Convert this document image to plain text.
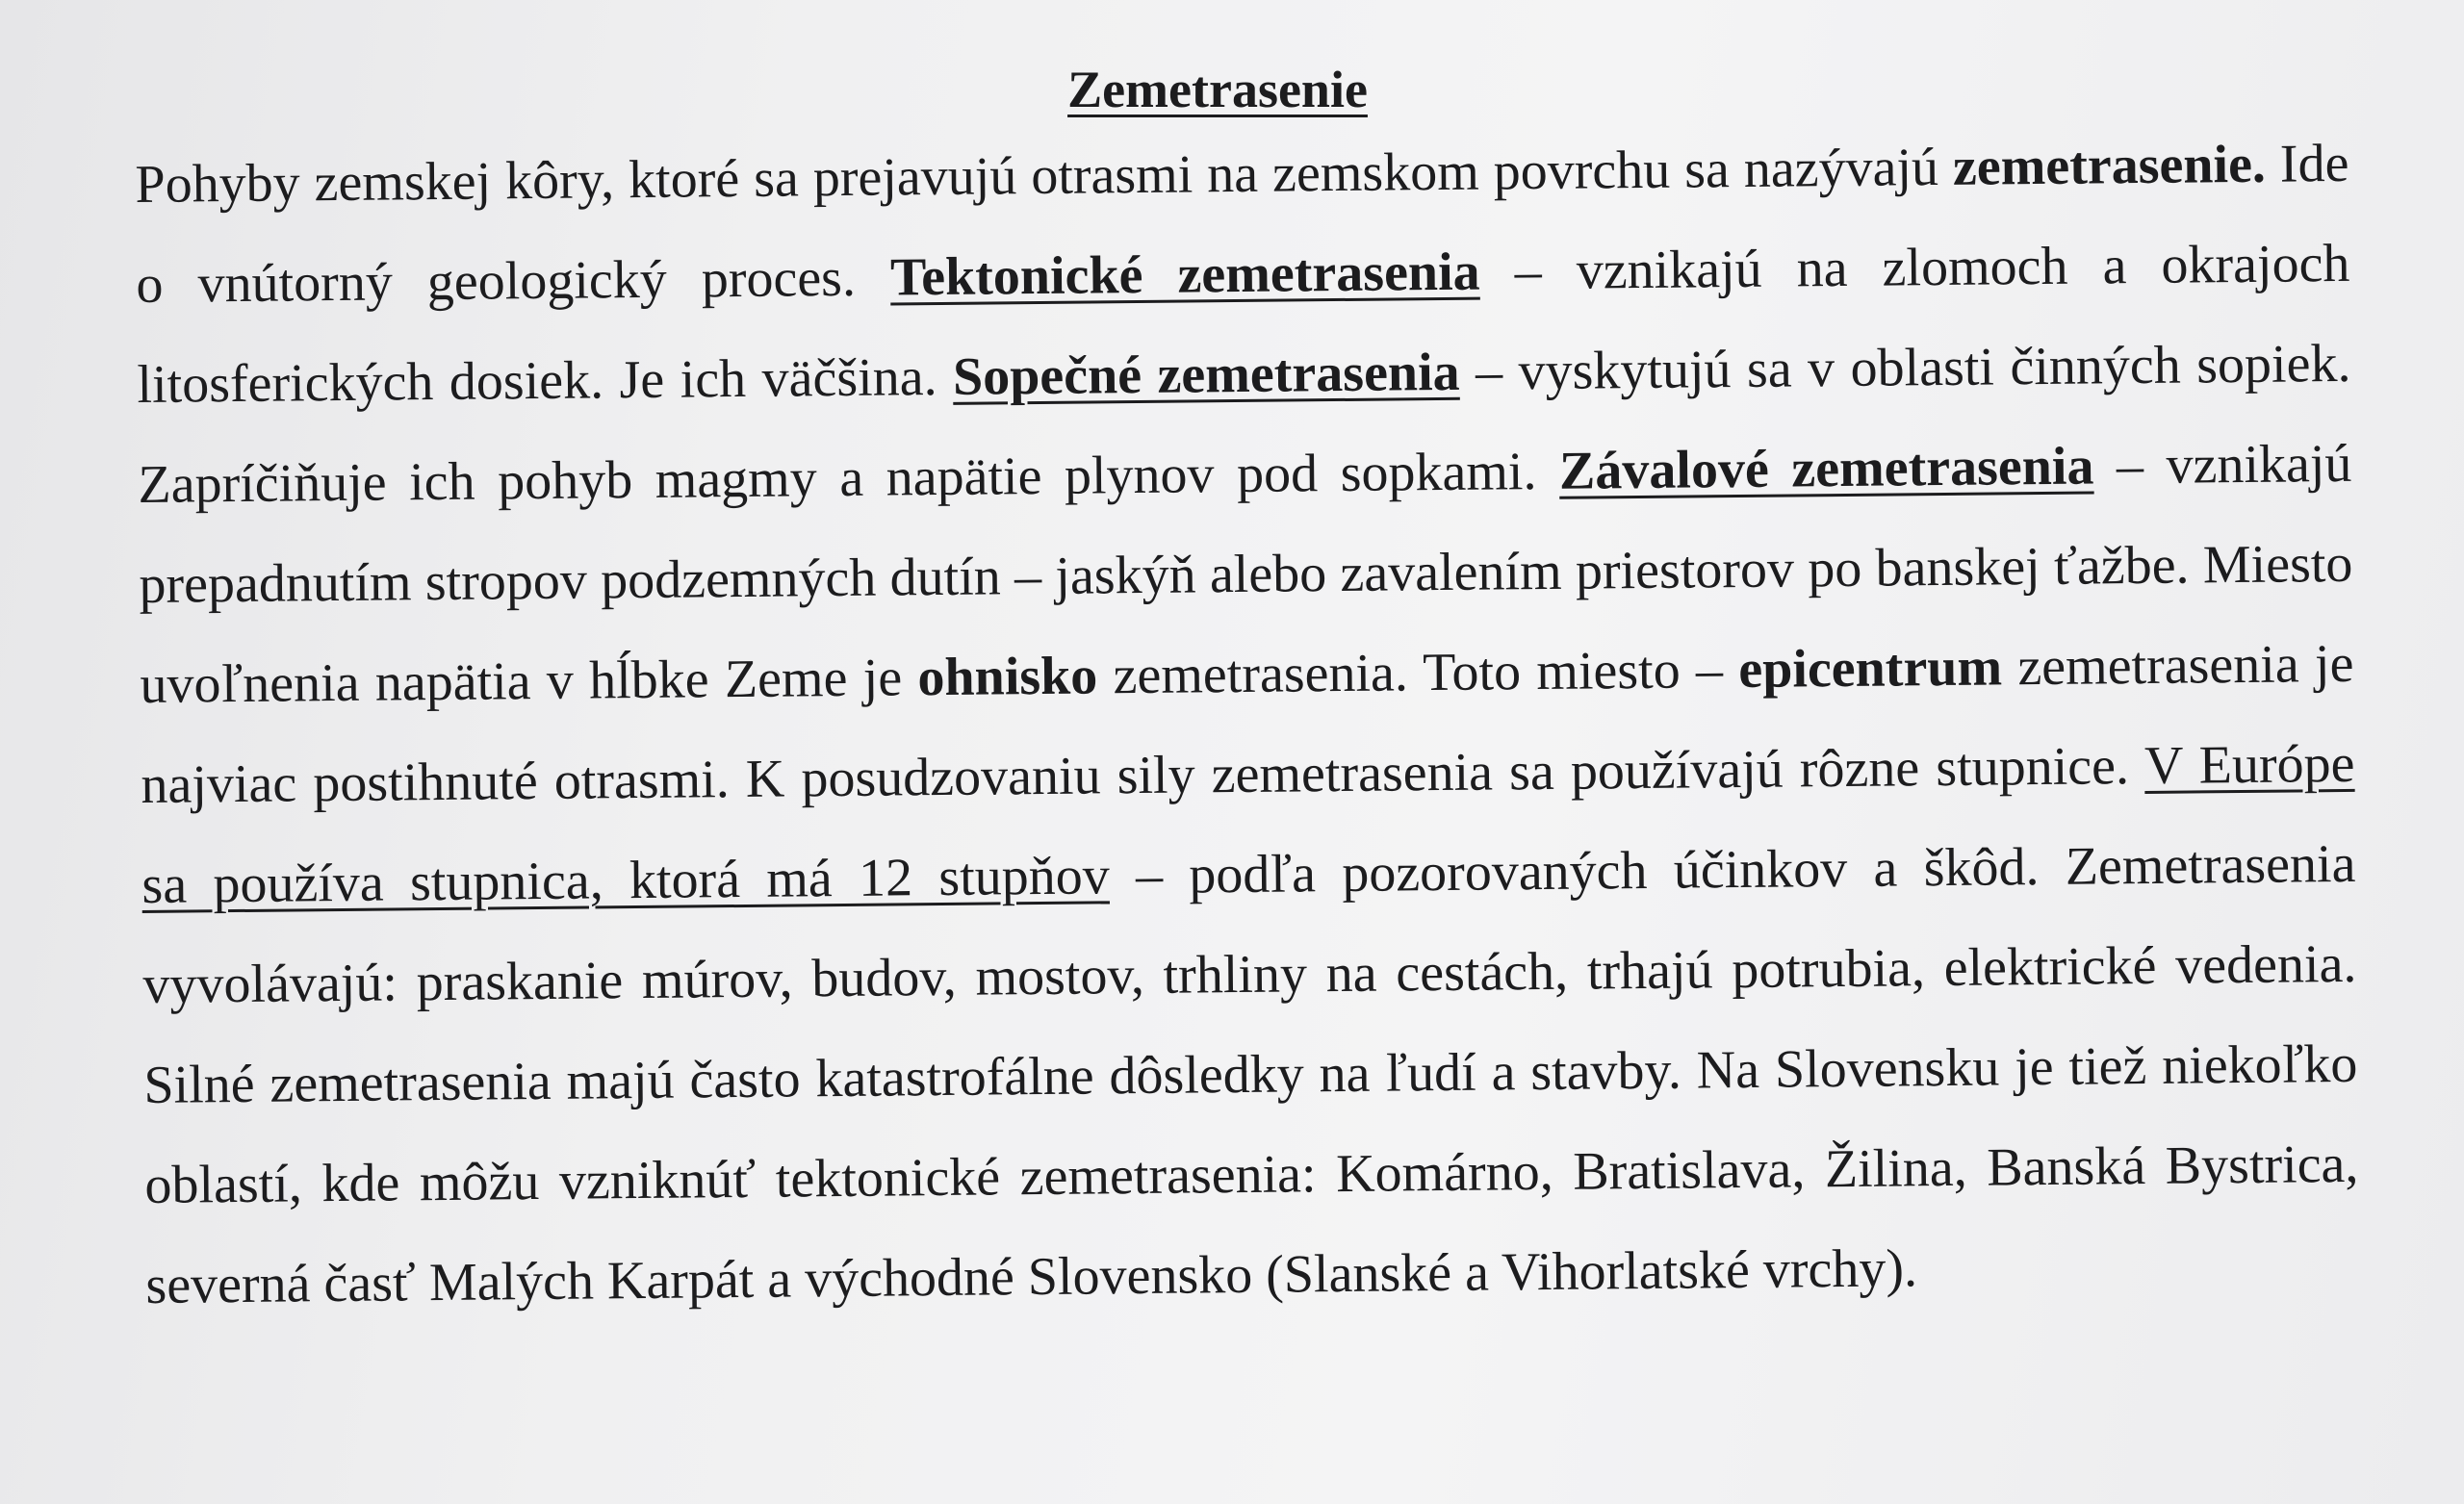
Zemetrasenie

Pohyby zemskej kôry, ktoré sa prejavujú otrasmi na zemskom povrchu sa nazývajú zemetrasenie. Ide o vnútorný geologický proces. Tektonické zemetrasenia – vznikajú na zlomoch a okrajoch litosferických dosiek. Je ich väčšina. Sopečné zemetrasenia – vyskytujú sa v oblasti činných sopiek. Zapríčiňuje ich pohyb magmy a napätie plynov pod sopkami. Závalové zemetrasenia – vznikajú prepadnutím stropov podzemných dutín – jaskýň alebo zavalením priestorov po banskej ťažbe. Miesto uvoľnenia napätia v hĺbke Zeme je ohnisko zemetrasenia. Toto miesto – epicentrum zemetrasenia je najviac postihnuté otrasmi. K posudzovaniu sily zemetrasenia sa používajú rôzne stupnice. V Európe sa používa stupnica, ktorá má 12 stupňov – podľa pozorovaných účinkov a škôd. Zemetrasenia vyvolávajú: praskanie múrov, budov, mostov, trhliny na cestách, trhajú potrubia, elektrické vedenia. Silné zemetrasenia majú často katastrofálne dôsledky na ľudí a stavby. Na Slovensku je tiež niekoľko oblastí, kde môžu vzniknúť tektonické zemetrasenia: Komárno, Bratislava, Žilina, Banská Bystrica, severná časť Malých Karpát a východné Slovensko (Slanské a Vihorlatské vrchy).
